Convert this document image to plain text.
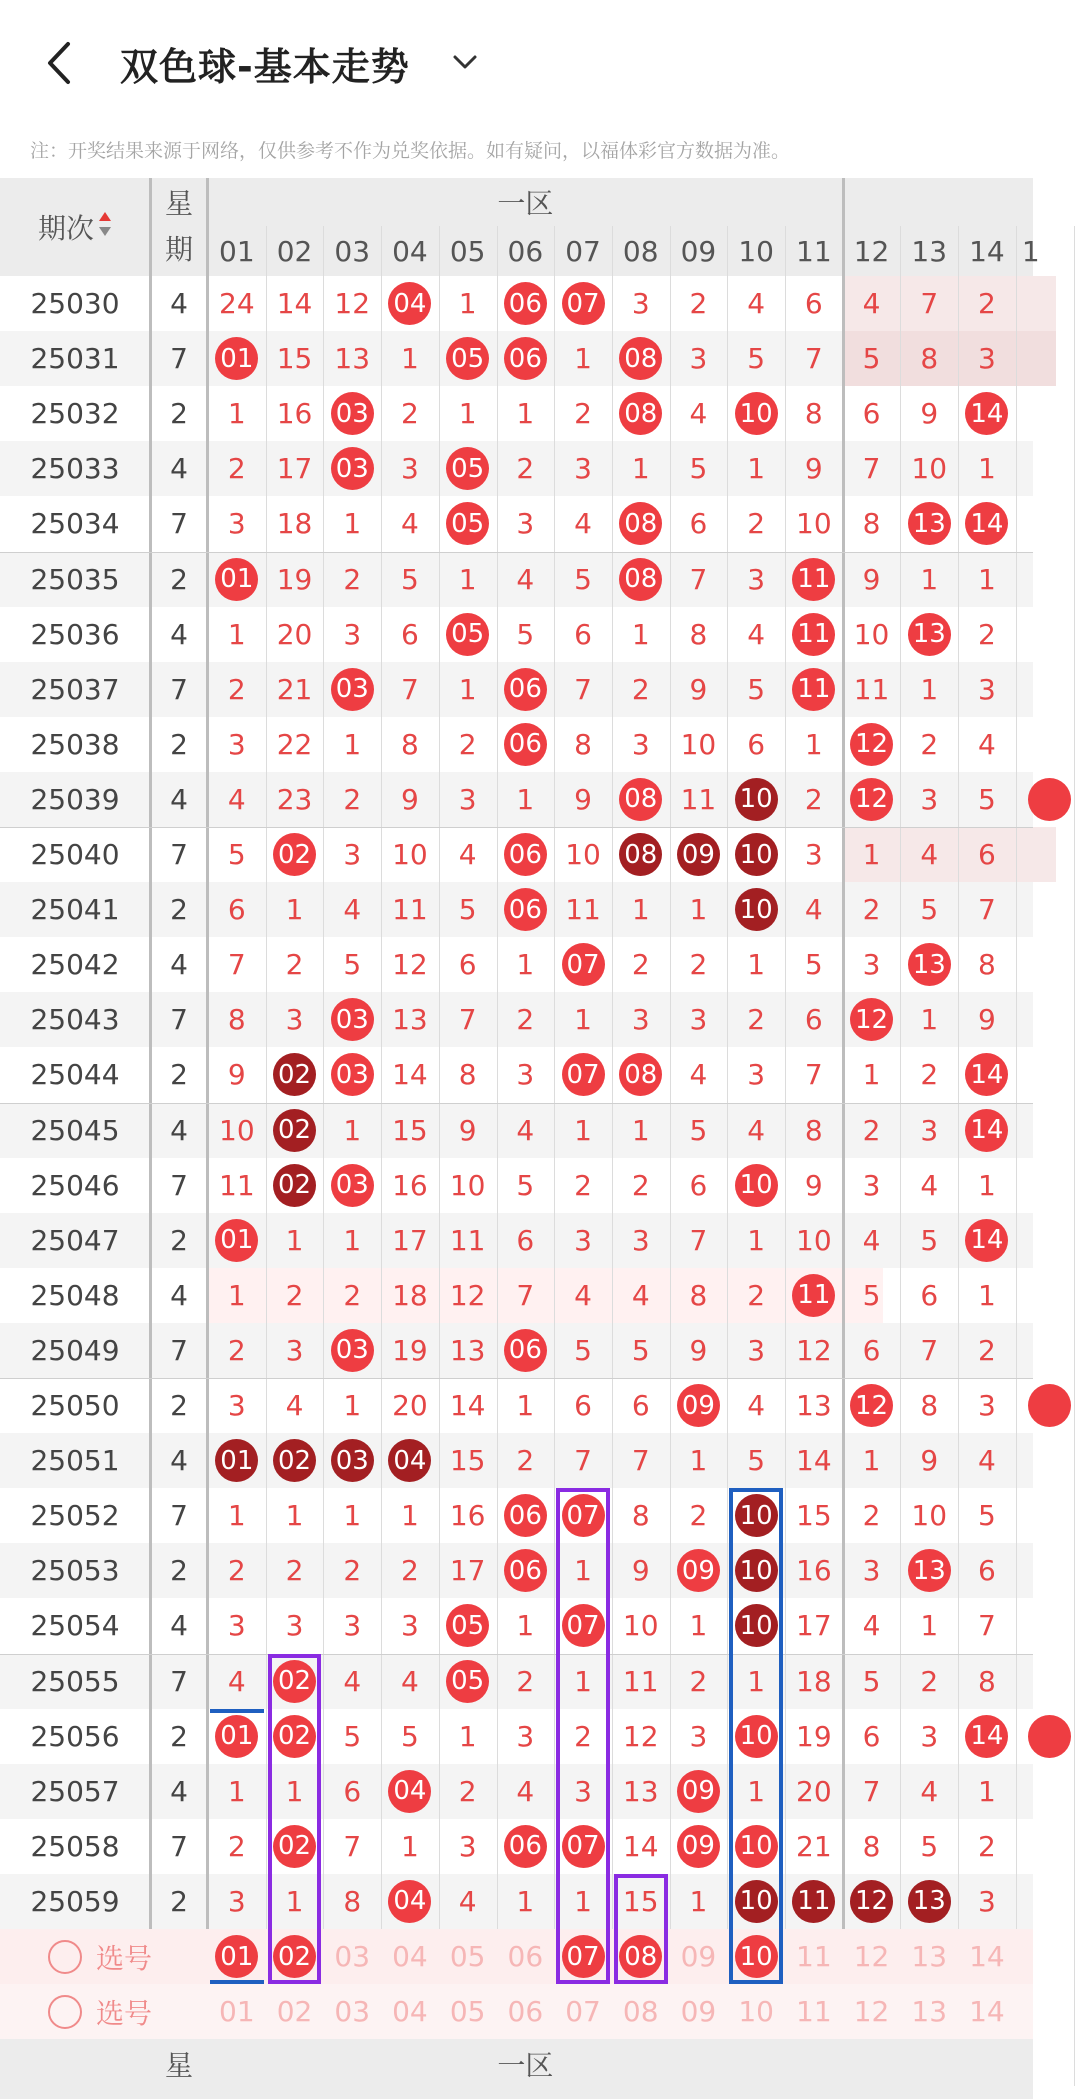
双色球-基本走势
注：开奖结果来源于网络，仅供参考不作为兑奖依据。如有疑问，以福体彩官方数据为准。
期次
星
期
一区
01 02 03 04 05 06 07 08 09 10 11 12 13 14 1
25030	4	24 14 12 04 1 06 07 3 2 4 6 4 7 2
25031	7	01 15 13 1 05 06 1 08 3 5 7 5 8 3
25032	2	1 16 03 2 1 1 2 08 4 10 8 6 9 14
25033	4	2 17 03 3 05 2 3 1 5 1 9 7 10 1
25034	7	3 18 1 4 05 3 4 08 6 2 10 8 13 14
25035	2	01 19 2 5 1 4 5 08 7 3 11 9 1 1
25036	4	1 20 3 6 05 5 6 1 8 4 11 10 13 2
25037	7	2 21 03 7 1 06 7 2 9 5 11 11 1 3
25038	2	3 22 1 8 2 06 8 3 10 6 1 12 2 4
25039	4	4 23 2 9 3 1 9 08 11 10 2 12 3 5
25040	7	5 02 3 10 4 06 10 08 09 10 3 1 4 6
25041	2	6 1 4 11 5 06 11 1 1 10 4 2 5 7
25042	4	7 2 5 12 6 1 07 2 2 1 5 3 13 8
25043	7	8 3 03 13 7 2 1 3 3 2 6 12 1 9
25044	2	9 02 03 14 8 3 07 08 4 3 7 1 2 14
25045	4	10 02 1 15 9 4 1 1 5 4 8 2 3 14
25046	7	11 02 03 16 10 5 2 2 6 10 9 3 4 1
25047	2	01 1 1 17 11 6 3 3 7 1 10 4 5 14
25048	4	1 2 2 18 12 7 4 4 8 2 11 5 6 1
25049	7	2 3 03 19 13 06 5 5 9 3 12 6 7 2
25050	2	3 4 1 20 14 1 6 6 09 4 13 12 8 3
25051	4	01 02 03 04 15 2 7 7 1 5 14 1 9 4
25052	7	1 1 1 1 16 06 07 8 2 10 15 2 10 5
25053	2	2 2 2 2 17 06 1 9 09 10 16 3 13 6
25054	4	3 3 3 3 05 1 07 10 1 10 17 4 1 7
25055	7	4 02 4 4 05 2 1 11 2 1 18 5 2 8
25056	2	01 02 5 5 1 3 2 12 3 10 19 6 3 14
25057	4	1 1 6 04 2 4 3 13 09 1 20 7 4 1
25058	7	2 02 7 1 3 06 07 14 09 10 21 8 5 2
25059	2	3 1 8 04 4 1 1 15 1 10 11 12 13 3
选号	01 02 03 04 05 06 07 08 09 10 11 12 13 14
选号 01 02 03 04 05 06 07 08 09 10 11 12 13 14
星	一区
